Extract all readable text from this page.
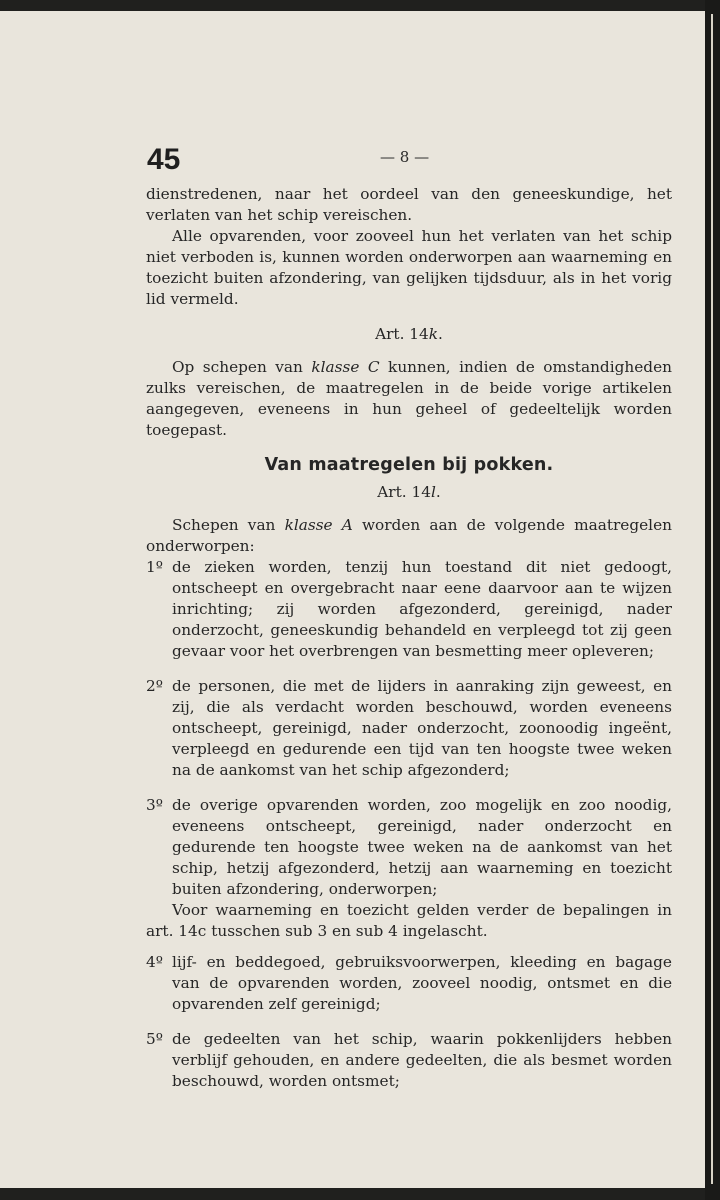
45	— 8 —

dienstredenen, naar het oordeel van den geneeskundige, het verlaten van het schip vereischen.

Alle opvarenden, voor zooveel hun het verlaten van het schip niet verboden is, kunnen worden onderworpen aan waarneming en toezicht buiten afzondering, van gelijken tijdsduur, als in het vorig lid vermeld.

Art. 14k.

Op schepen van klasse C kunnen, indien de omstandigheden zulks vereischen, de maatregelen in de beide vorige artikelen aangegeven, eveneens in hun geheel of gedeeltelijk worden toegepast.

Van maatregelen bij pokken.
Art. 14l.

Schepen van klasse A worden aan de volgende maatregelen onderworpen:

1º de zieken worden, tenzij hun toestand dit niet gedoogt, ontscheept en overgebracht naar eene daarvoor aan te wijzen inrichting; zij worden afgezonderd, gereinigd, nader onderzocht, geneeskundig behandeld en verpleegd tot zij geen gevaar voor het overbrengen van besmetting meer opleveren;
2º de personen, die met de lijders in aanraking zijn geweest, en zij, die als verdacht worden beschouwd, worden eveneens ontscheept, gereinigd, nader onderzocht, zoonoodig ingeënt, verpleegd en gedurende een tijd van ten hoogste twee weken na de aankomst van het schip afgezonderd;
3º de overige opvarenden worden, zoo mogelijk en zoo noodig, eveneens ontscheept, gereinigd, nader onderzocht en gedurende ten hoogste twee weken na de aankomst van het schip, hetzij afgezonderd, hetzij aan waarneming en toezicht buiten afzondering, onderworpen;

Voor waarneming en toezicht gelden verder de bepalingen in art. 14c tusschen sub 3 en sub 4 ingelascht.

4º lijf- en beddegoed, gebruiksvoorwerpen, kleeding en bagage van de opvarenden worden, zooveel noodig, ontsmet en die opvarenden zelf gereinigd;
5º de gedeelten van het schip, waarin pokkenlijders hebben verblijf gehouden, en andere gedeelten, die als besmet worden beschouwd, worden ontsmet;
